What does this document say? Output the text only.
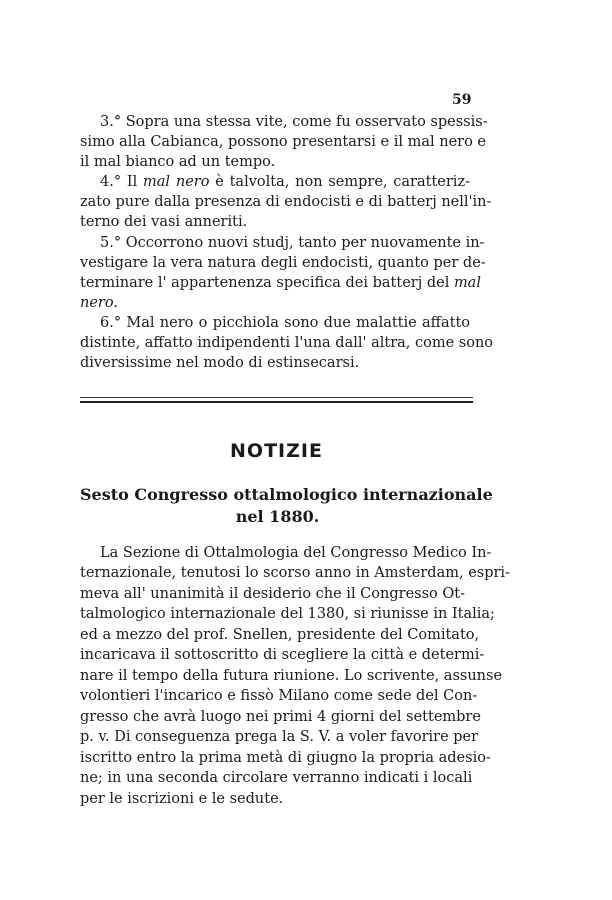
59
3.° Sopra una stessa vite, come fu osservato spessis-
simo alla Cabianca, possono presentarsi e il mal nero e
il mal bianco ad un tempo.
4.° Il mal nero è talvolta, non sempre, caratteriz-
zato pure dalla presenza di endocisti e di batterj nell'in-
terno dei vasi anneriti.
5.° Occorrono nuovi studj, tanto per nuovamente in-
vestigare la vera natura degli endocisti, quanto per de-
terminare l' appartenenza specifica dei batterj del mal
nero.
6.° Mal nero o picchiola sono due malattie affatto
distinte, affatto indipendenti l'una dall' altra, come sono
diversissime nel modo di estinsecarsi.
NOTIZIE
Sesto Congresso ottalmologico internazionale
nel 1880.
La Sezione di Ottalmologia del Congresso Medico In-
ternazionale, tenutosi lo scorso anno in Amsterdam, espri-
meva all' unanimità il desiderio che il Congresso Ot-
talmologico internazionale del 1380, si riunisse in Italia;
ed a mezzo del prof. Snellen, presidente del Comitato,
incaricava il sottoscritto di scegliere la città e determi-
nare il tempo della futura riunione. Lo scrivente, assunse
volontieri l'incarico e fissò Milano come sede del Con-
gresso che avrà luogo nei primi 4 giorni del settembre
p. v. Di conseguenza prega la S. V. a voler favorire per
iscritto entro la prima metà di giugno la propria adesio-
ne; in una seconda circolare verranno indicati i locali
per le iscrizioni e le sedute.
